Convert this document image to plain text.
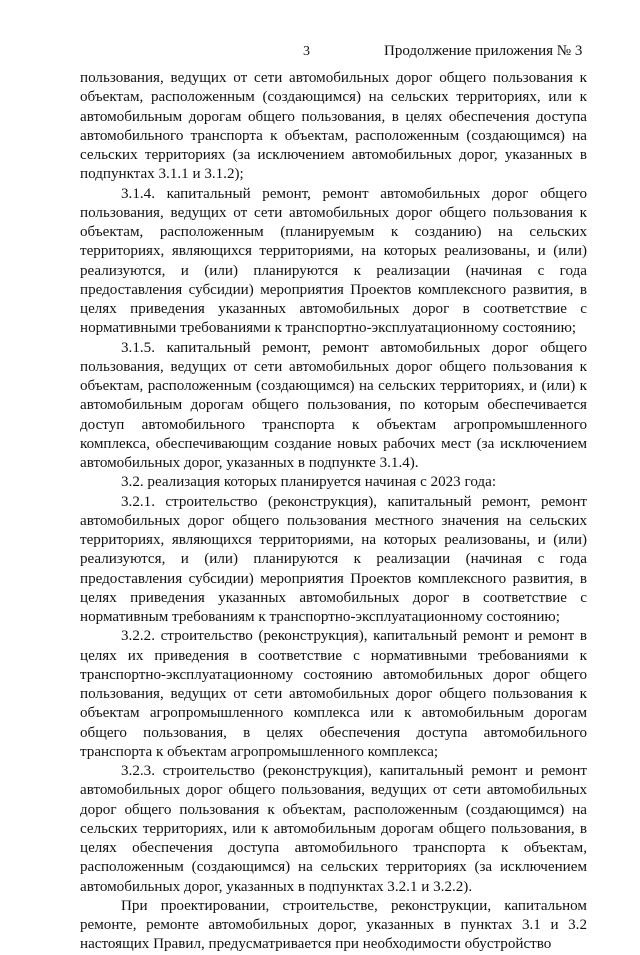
3	Продолжение приложения № 3

пользования, ведущих от сети автомобильных дорог общего пользования к объектам, расположенным (создающимся) на сельских территориях, или к автомобильным дорогам общего пользования, в целях обеспечения доступа автомобильного транспорта к объектам, расположенным (создающимся) на сельских территориях (за исключением автомобильных дорог, указанных в подпунктах 3.1.1 и 3.1.2);

3.1.4. капитальный ремонт, ремонт автомобильных дорог общего пользования, ведущих от сети автомобильных дорог общего пользования к объектам, расположенным (планируемым к созданию) на сельских территориях, являющихся территориями, на которых реализованы, и (или) реализуются, и (или) планируются к реализации (начиная с года предоставления субсидии) мероприятия Проектов комплексного развития, в целях приведения указанных автомобильных дорог в соответствие с нормативными требованиями к транспортно-эксплуатационному состоянию;

3.1.5. капитальный ремонт, ремонт автомобильных дорог общего пользования, ведущих от сети автомобильных дорог общего пользования к объектам, расположенным (создающимся) на сельских территориях, и (или) к автомобильным дорогам общего пользования, по которым обеспечивается доступ автомобильного транспорта к объектам агропромышленного комплекса, обеспечивающим создание новых рабочих мест (за исключением автомобильных дорог, указанных в подпункте 3.1.4).

3.2. реализация которых планируется начиная с 2023 года:

3.2.1. строительство (реконструкция), капитальный ремонт, ремонт автомобильных дорог общего пользования местного значения на сельских территориях, являющихся территориями, на которых реализованы, и (или) реализуются, и (или) планируются к реализации (начиная с года предоставления субсидии) мероприятия Проектов комплексного развития, в целях приведения указанных автомобильных дорог в соответствие с нормативным требованиям к транспортно-эксплуатационному состоянию;

3.2.2. строительство (реконструкция), капитальный ремонт и ремонт в целях их приведения в соответствие с нормативными требованиями к транспортно-эксплуатационному состоянию автомобильных дорог общего пользования, ведущих от сети автомобильных дорог общего пользования к объектам агропромышленного комплекса или к автомобильным дорогам общего пользования, в целях обеспечения доступа автомобильного транспорта к объектам агропромышленного комплекса;

3.2.3. строительство (реконструкция), капитальный ремонт и ремонт автомобильных дорог общего пользования, ведущих от сети автомобильных дорог общего пользования к объектам, расположенным (создающимся) на сельских территориях, или к автомобильным дорогам общего пользования, в целях обеспечения доступа автомобильного транспорта к объектам, расположенным (создающимся) на сельских территориях (за исключением автомобильных дорог, указанных в подпунктах 3.2.1 и 3.2.2).

При проектировании, строительстве, реконструкции, капитальном ремонте, ремонте автомобильных дорог, указанных в пунктах 3.1 и 3.2 настоящих Правил, предусматривается при необходимости обустройство
